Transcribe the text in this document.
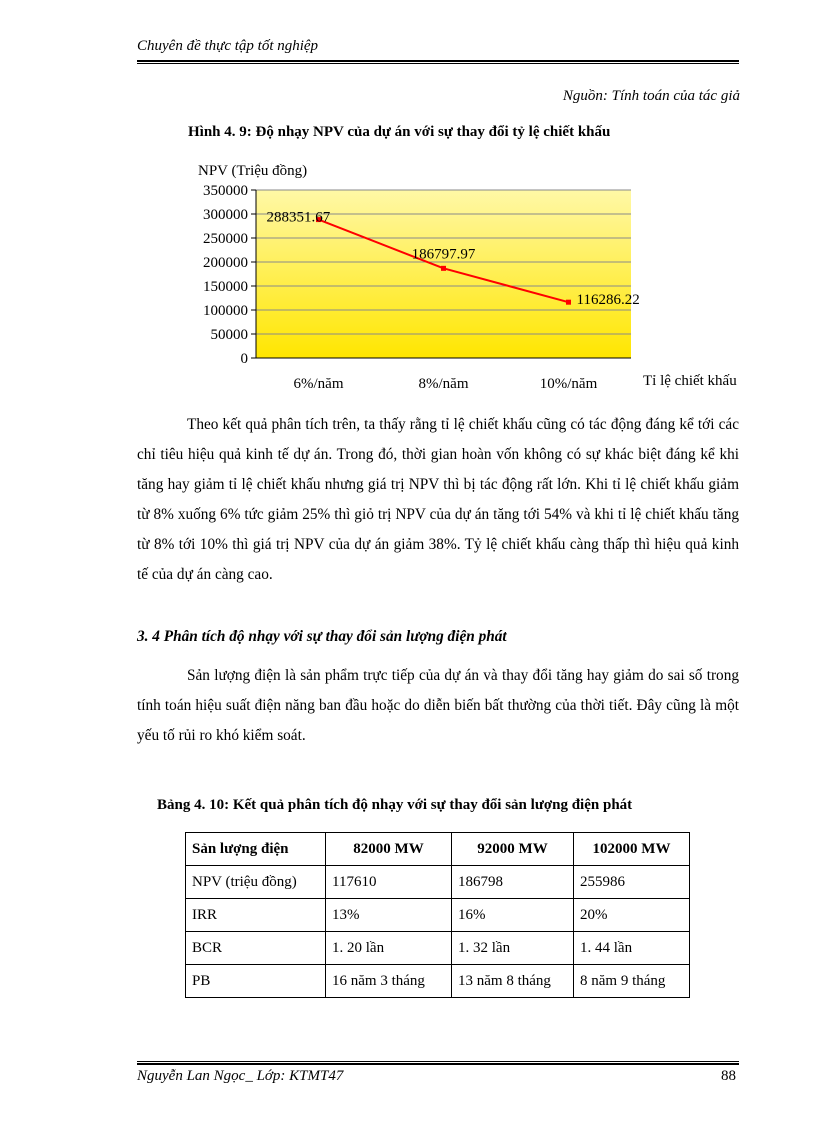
Chuyên đề thực tập tốt nghiệp
Nguồn: Tính toán của tác giả
Hình 4. 9: Độ nhạy NPV của dự án với sự thay đổi tỷ lệ chiết khấu
0
50000
100000
150000
200000
250000
300000
350000
6%/năm	8%/năm	10%/năm
288351.67
186797.97
116286.22
NPV (Triệu đồng)
Tỉ lệ chiết khấu
Theo kết quả phân tích trên, ta thấy rằng tỉ lệ chiết khấu cũng có tác động đáng kể tới các chỉ tiêu hiệu quả kinh tế dự án. Trong đó, thời gian hoàn vốn không có sự khác biệt đáng kể khi tăng hay giảm tỉ lệ chiết khấu nhưng giá trị NPV thì bị tác động rất lớn. Khi tỉ lệ chiết khấu giảm từ 8% xuống 6% tức giảm 25% thì giỏ trị NPV của dự án tăng tới 54% và khi tỉ lệ chiết khấu tăng từ 8% tới 10% thì giá trị NPV của dự án giảm 38%. Tỷ lệ chiết khấu càng thấp thì hiệu quả kinh tế của dự án càng cao.
3. 4 Phân tích độ nhạy với sự thay đổi sản lượng điện phát
Sản lượng điện là sản phẩm trực tiếp của dự án và thay đổi tăng hay giảm do sai số trong tính toán hiệu suất điện năng ban đầu hoặc do diễn biến bất thường của thời tiết. Đây cũng là một yếu tố rủi ro khó kiểm soát.
Bảng 4. 10: Kết quả phân tích độ nhạy với sự thay đổi sản lượng điện phát
Sản lượng điện	82000 MW	92000 MW	102000 MW
NPV (triệu đồng)	117610	186798	255986
IRR	13%	16%	20%
BCR	1. 20 lần	1. 32 lần	1. 44 lần
PB	16 năm 3 tháng	13 năm 8 tháng	8 năm 9 tháng
Nguyễn Lan Ngọc_ Lớp: KTMT47	88
